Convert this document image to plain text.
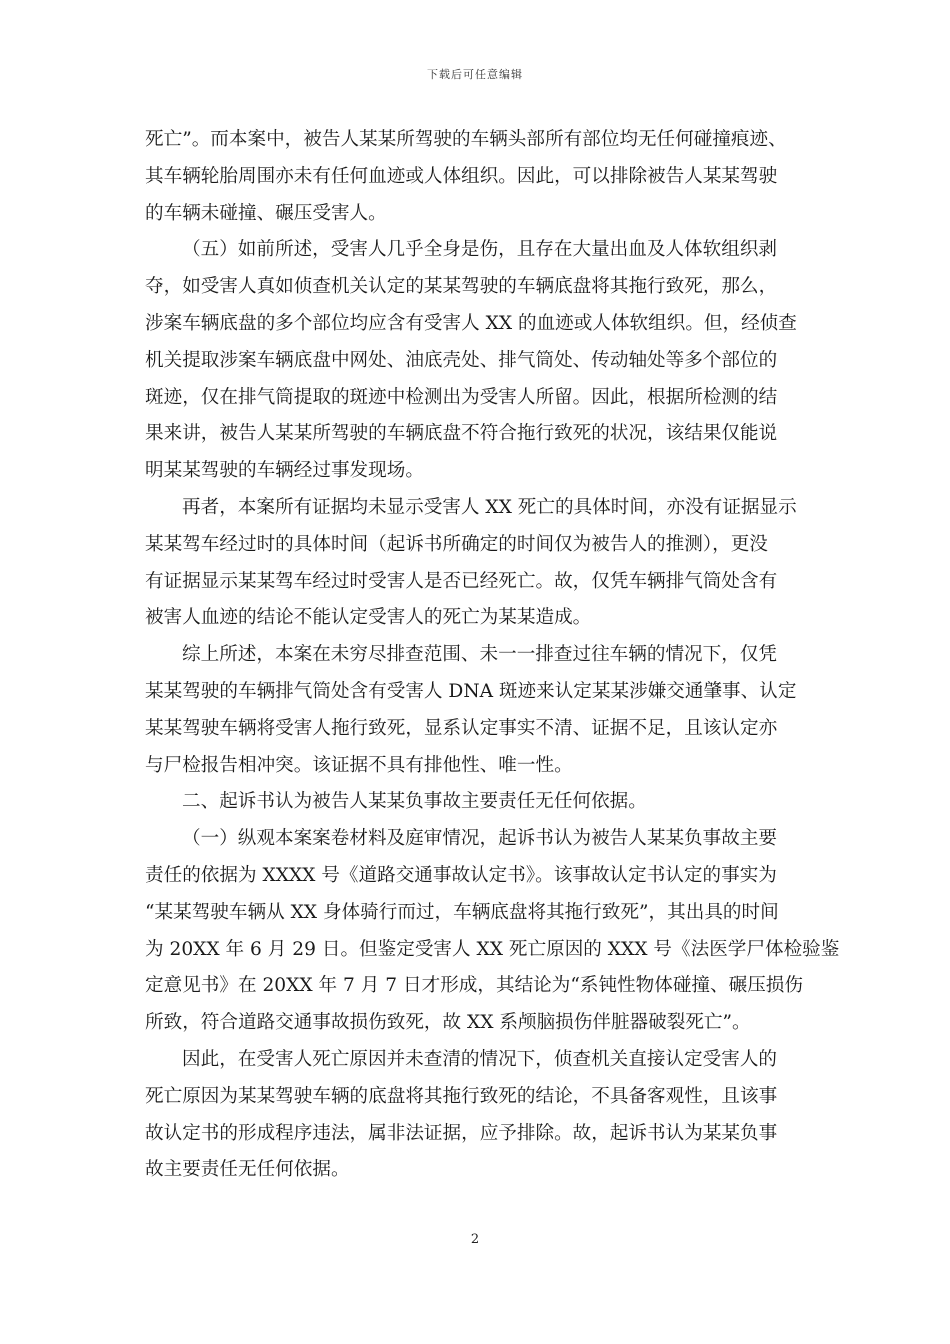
下载后可任意编辑
死亡”。而本案中，被告人某某所驾驶的车辆头部所有部位均无任何碰撞痕迹、
其车辆轮胎周围亦未有任何血迹或人体组织。因此，可以排除被告人某某驾驶
的车辆未碰撞、碾压受害人。
（五）如前所述，受害人几乎全身是伤，且存在大量出血及人体软组织剥
夺，如受害人真如侦查机关认定的某某驾驶的车辆底盘将其拖行致死，那么，
涉案车辆底盘的多个部位均应含有受害人 XX 的血迹或人体软组织。但，经侦查
机关提取涉案车辆底盘中网处、油底壳处、排气筒处、传动轴处等多个部位的
斑迹，仅在排气筒提取的斑迹中检测出为受害人所留。因此，根据所检测的结
果来讲，被告人某某所驾驶的车辆底盘不符合拖行致死的状况，该结果仅能说
明某某驾驶的车辆经过事发现场。
再者，本案所有证据均未显示受害人 XX 死亡的具体时间，亦没有证据显示
某某驾车经过时的具体时间（起诉书所确定的时间仅为被告人的推测），更没
有证据显示某某驾车经过时受害人是否已经死亡。故，仅凭车辆排气筒处含有
被害人血迹的结论不能认定受害人的死亡为某某造成。
综上所述，本案在未穷尽排查范围、未一一排查过往车辆的情况下，仅凭
某某驾驶的车辆排气筒处含有受害人 DNA 斑迹来认定某某涉嫌交通肇事、认定
某某驾驶车辆将受害人拖行致死，显系认定事实不清、证据不足，且该认定亦
与尸检报告相冲突。该证据不具有排他性、唯一性。
二、起诉书认为被告人某某负事故主要责任无任何依据。
（一）纵观本案案卷材料及庭审情况，起诉书认为被告人某某负事故主要
责任的依据为 XXXX 号《道路交通事故认定书》。该事故认定书认定的事实为
“某某驾驶车辆从 XX 身体骑行而过，车辆底盘将其拖行致死”，其出具的时间
为 20XX 年 6 月 29 日。但鉴定受害人 XX 死亡原因的 XXX 号《法医学尸体检验鉴
定意见书》在 20XX 年 7 月 7 日才形成，其结论为“系钝性物体碰撞、碾压损伤
所致，符合道路交通事故损伤致死，故 XX 系颅脑损伤伴脏器破裂死亡”。
因此，在受害人死亡原因并未查清的情况下，侦查机关直接认定受害人的
死亡原因为某某驾驶车辆的底盘将其拖行致死的结论，不具备客观性，且该事
故认定书的形成程序违法，属非法证据，应予排除。故，起诉书认为某某负事
故主要责任无任何依据。
2
